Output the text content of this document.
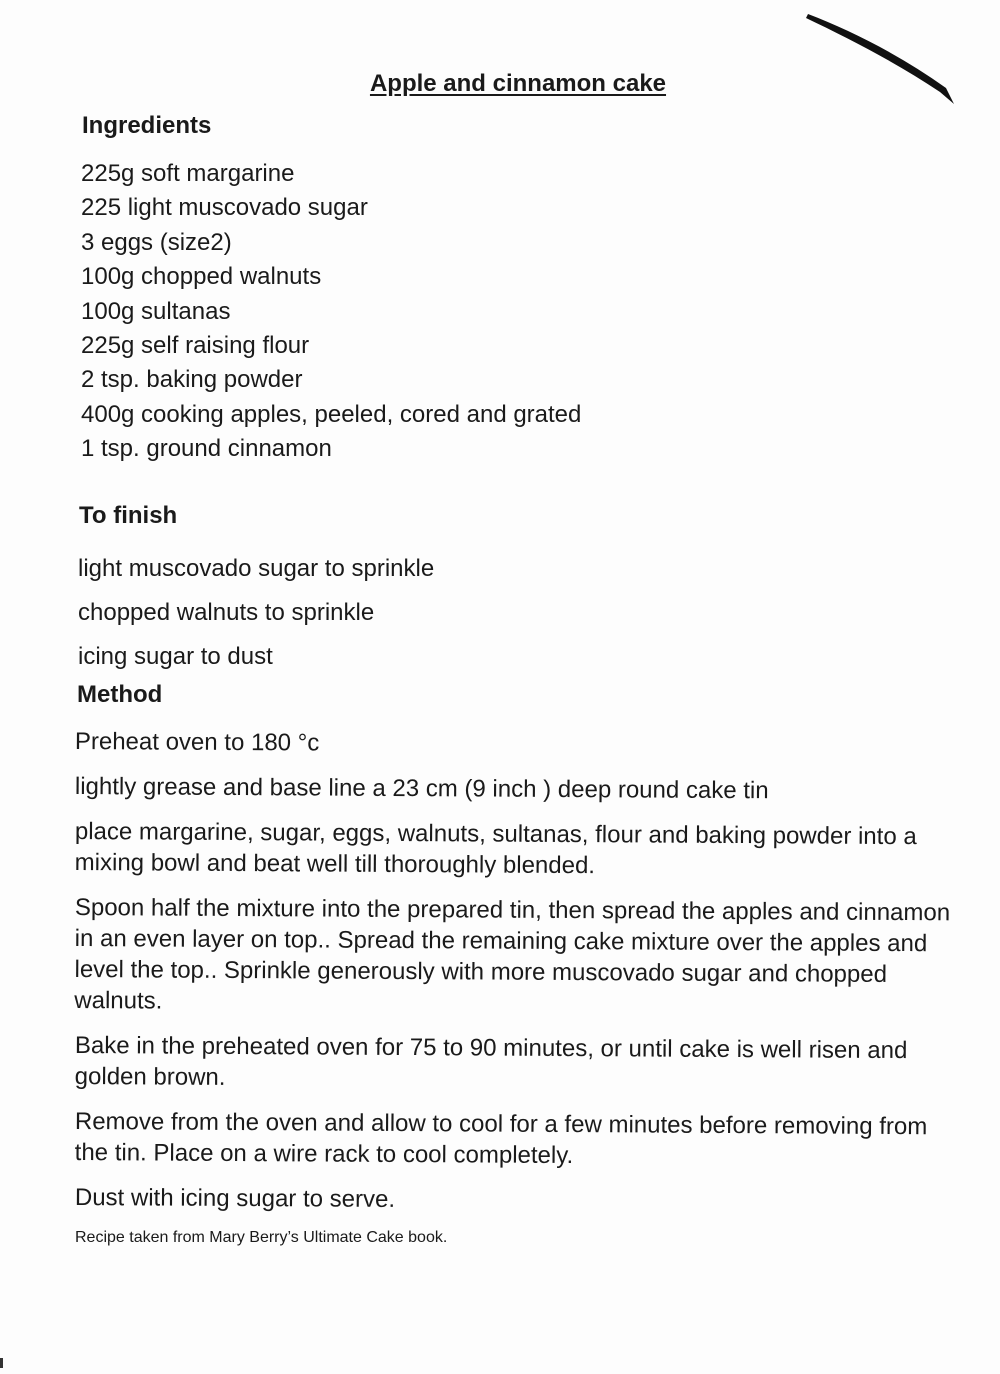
Apple and cinnamon cake
Ingredients
225g soft margarine
225 light muscovado sugar
3 eggs (size2)
100g chopped walnuts
100g sultanas
225g self raising flour
2 tsp. baking powder
400g cooking apples, peeled, cored and grated
1 tsp. ground cinnamon
To finish
light muscovado sugar to sprinkle
chopped walnuts to sprinkle
icing sugar to dust
Method

Preheat oven to 180 °c

lightly grease and base line a 23 cm (9 inch ) deep round cake tin

place margarine, sugar, eggs, walnuts, sultanas, flour and baking powder into a mixing bowl and beat well till thoroughly blended.

Spoon half the mixture into the prepared tin, then spread the apples and cinnamon in an even layer on top.. Spread the remaining cake mixture over the apples and level the top.. Sprinkle generously with more muscovado sugar and chopped walnuts.

Bake in the preheated oven for 75 to 90 minutes, or until cake is well risen and golden brown.

Remove from the oven and allow to cool for a few minutes before removing from the tin. Place on a wire rack to cool completely.

Dust with icing sugar to serve.

Recipe taken from Mary Berry’s Ultimate Cake book.
